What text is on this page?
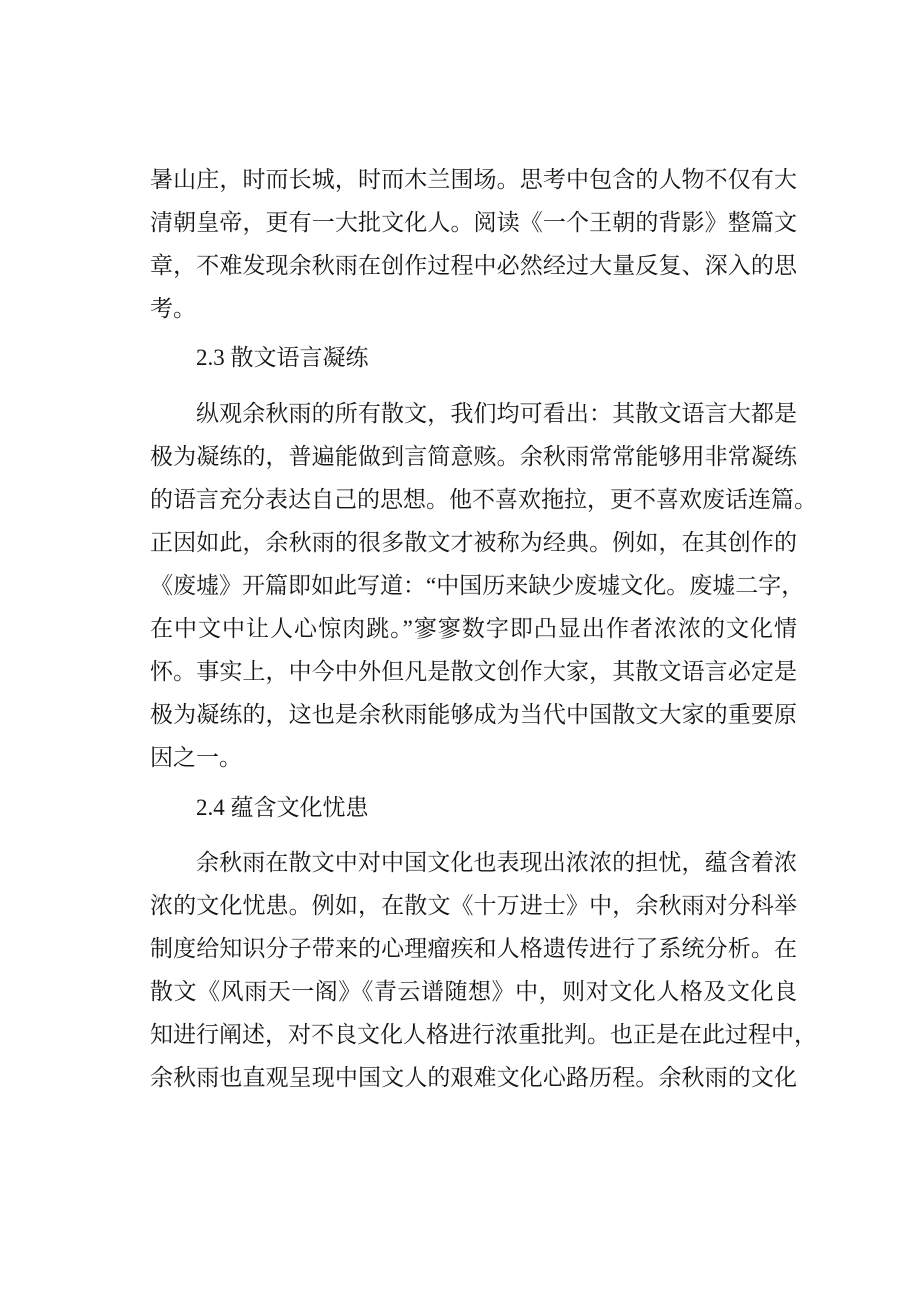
暑山庄，时而长城，时而木兰围场。思考中包含的人物不仅有大
清朝皇帝，更有一大批文化人。阅读《一个王朝的背影》整篇文
章，不难发现余秋雨在创作过程中必然经过大量反复、深入的思
考。
2.3 散文语言凝练
纵观余秋雨的所有散文，我们均可看出：其散文语言大都是
极为凝练的，普遍能做到言简意赅。余秋雨常常能够用非常凝练
的语言充分表达自己的思想。他不喜欢拖拉，更不喜欢废话连篇。
正因如此，余秋雨的很多散文才被称为经典。例如，在其创作的
《废墟》开篇即如此写道：“中国历来缺少废墟文化。废墟二字，
在中文中让人心惊肉跳。”寥寥数字即凸显出作者浓浓的文化情
怀。事实上，中今中外但凡是散文创作大家，其散文语言必定是
极为凝练的，这也是余秋雨能够成为当代中国散文大家的重要原
因之一。
2.4 蕴含文化忧患
余秋雨在散文中对中国文化也表现出浓浓的担忧，蕴含着浓
浓的文化忧患。例如，在散文《十万进士》中，余秋雨对分科举
制度给知识分子带来的心理瘤疾和人格遗传进行了系统分析。在
散文《风雨天一阁》《青云谱随想》中，则对文化人格及文化良
知进行阐述，对不良文化人格进行浓重批判。也正是在此过程中，
余秋雨也直观呈现中国文人的艰难文化心路历程。余秋雨的文化
